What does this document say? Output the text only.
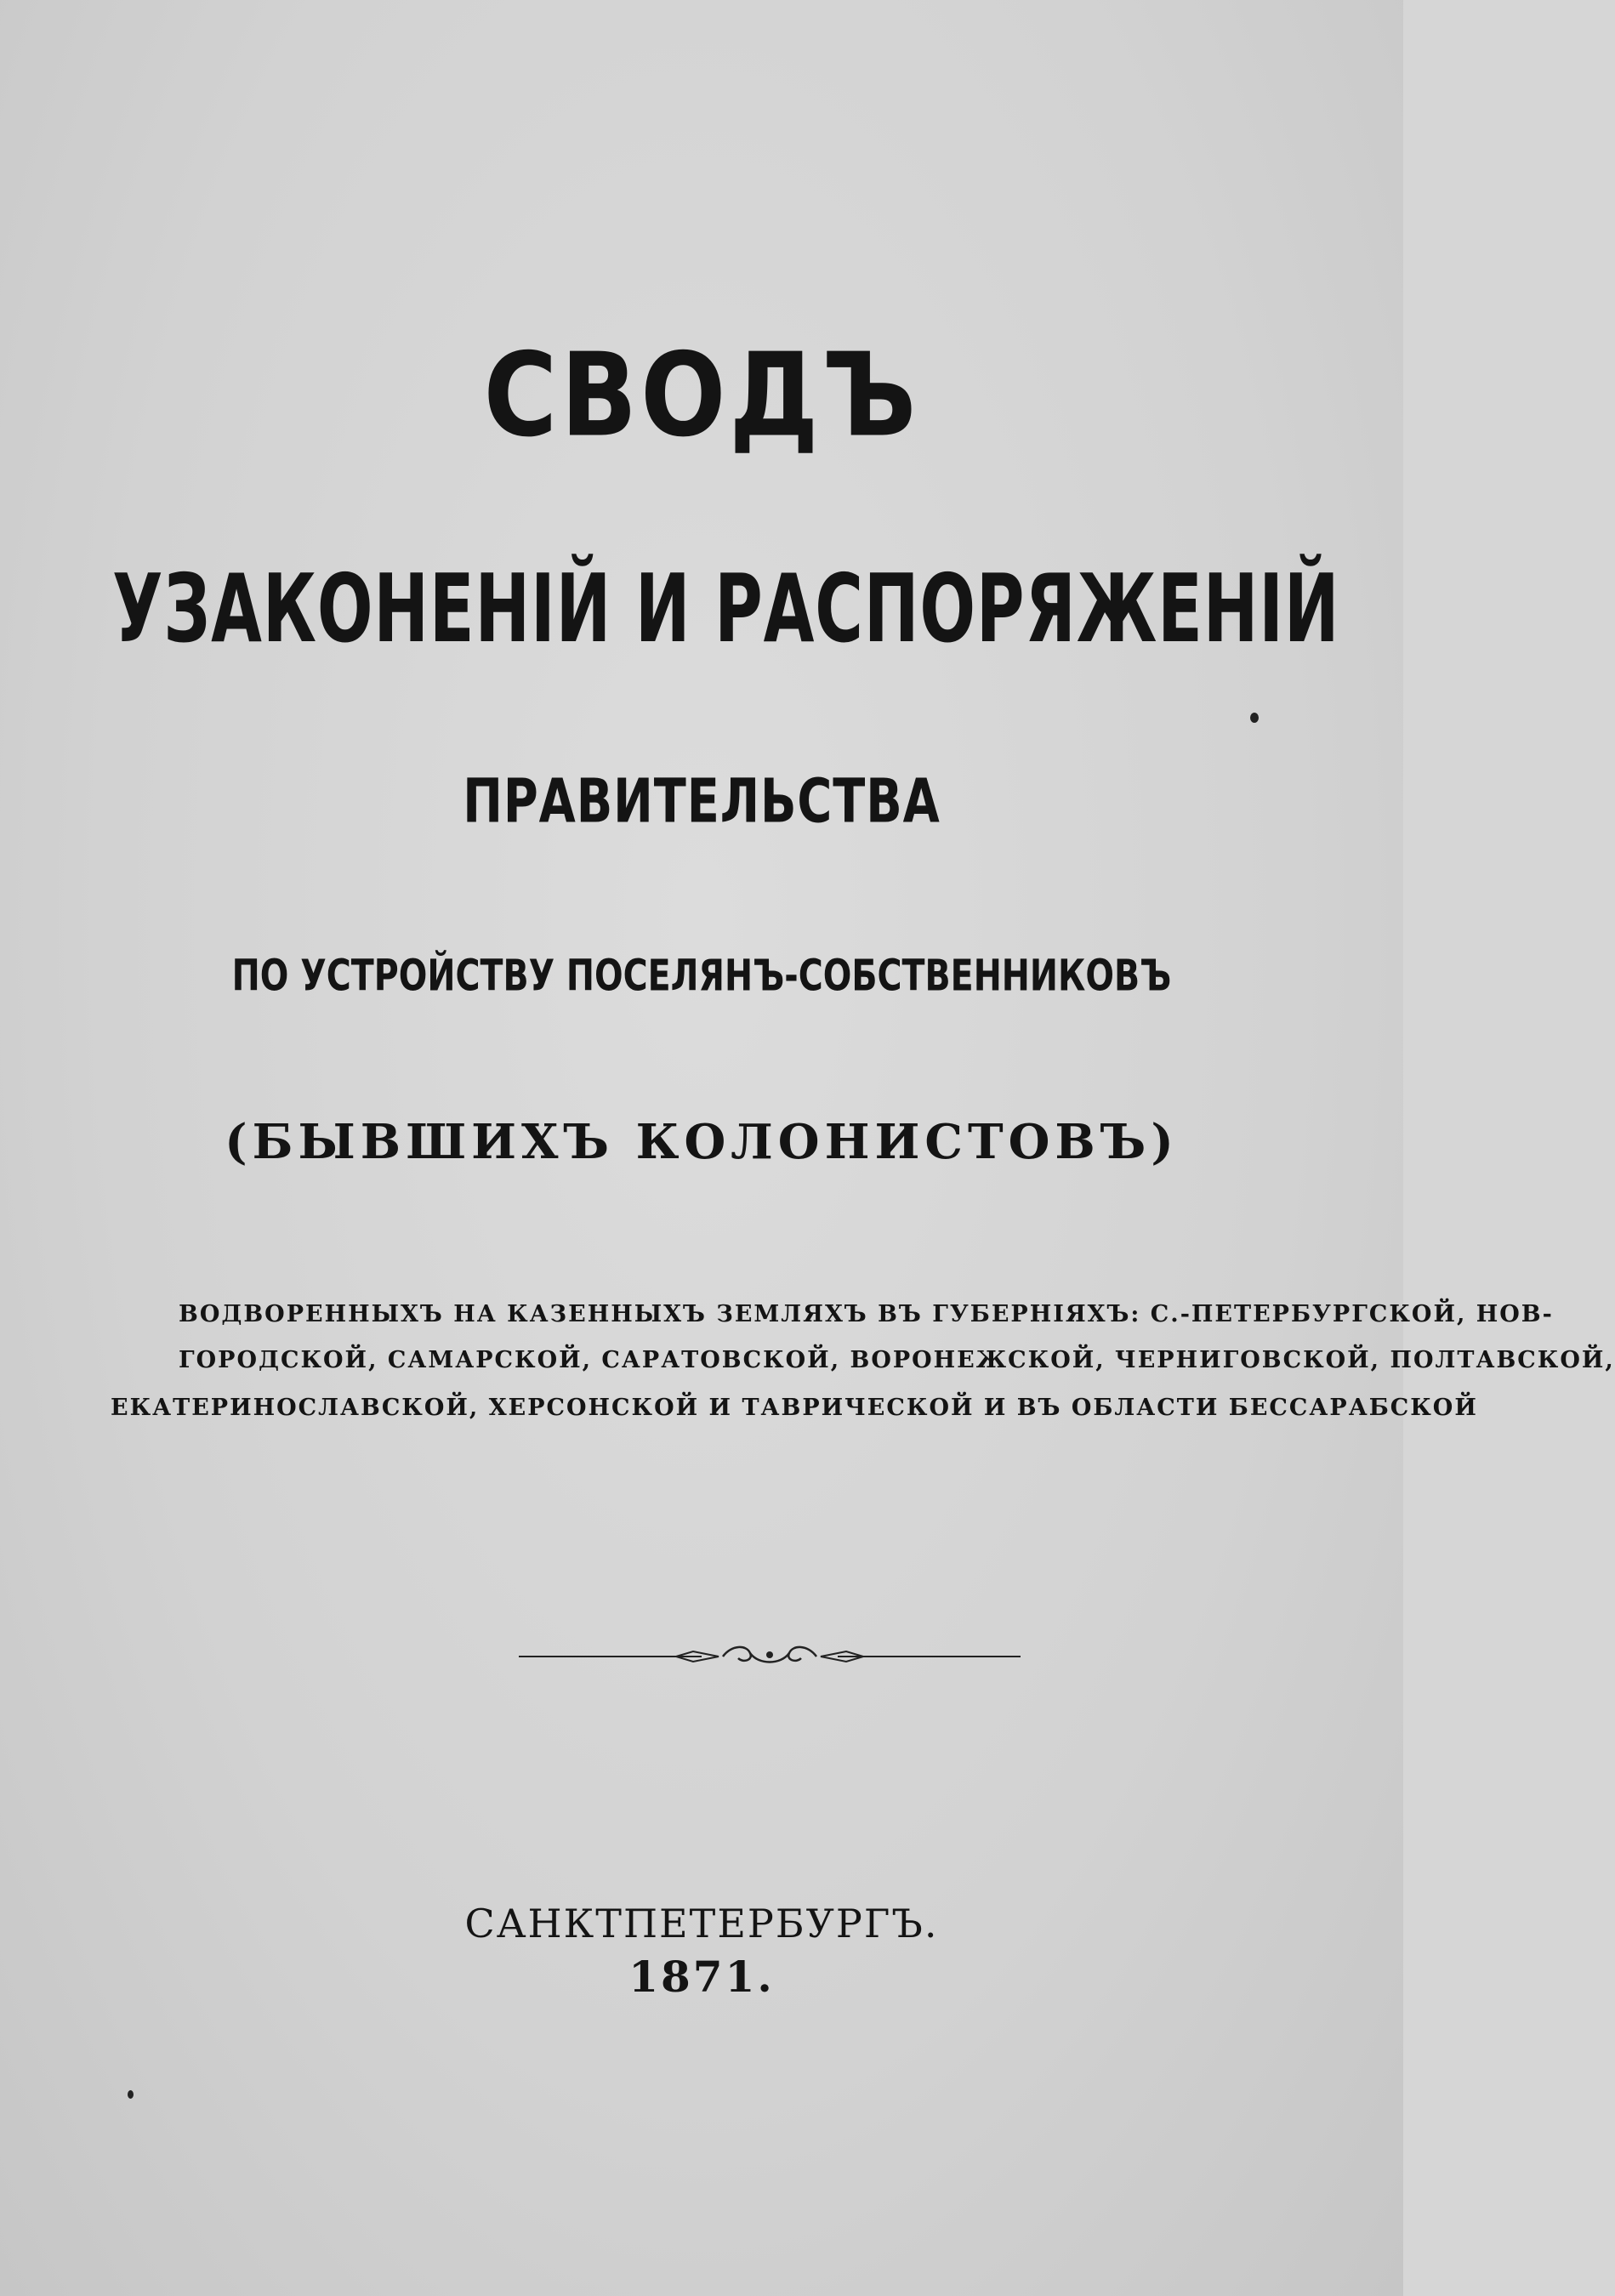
СВОДЪ
УЗАКОНЕНІЙ И РАСПОРЯЖЕНІЙ
ПРАВИТЕЛЬСТВА
ПО УСТРОЙСТВУ ПОСЕЛЯНЪ-СОБСТВЕННИКОВЪ
(БЫВШИХЪ КОЛОНИСТОВЪ)
ВОДВОРЕННЫХЪ НА КАЗЕННЫХЪ ЗЕМЛЯХЪ ВЪ ГУБЕРНІЯХЪ: С.-ПЕТЕРБУРГСКОЙ, НОВ-
ГОРОДСКОЙ, САМАРСКОЙ, САРАТОВСКОЙ, ВОРОНЕЖСКОЙ, ЧЕРНИГОВСКОЙ, ПОЛТАВСКОЙ,
ЕКАТЕРИНОСЛАВСКОЙ, ХЕРСОНСКОЙ И ТАВРИЧЕСКОЙ И ВЪ ОБЛАСТИ БЕССАРАБСКОЙ
САНКТПЕТЕРБУРГЪ.
1871.
